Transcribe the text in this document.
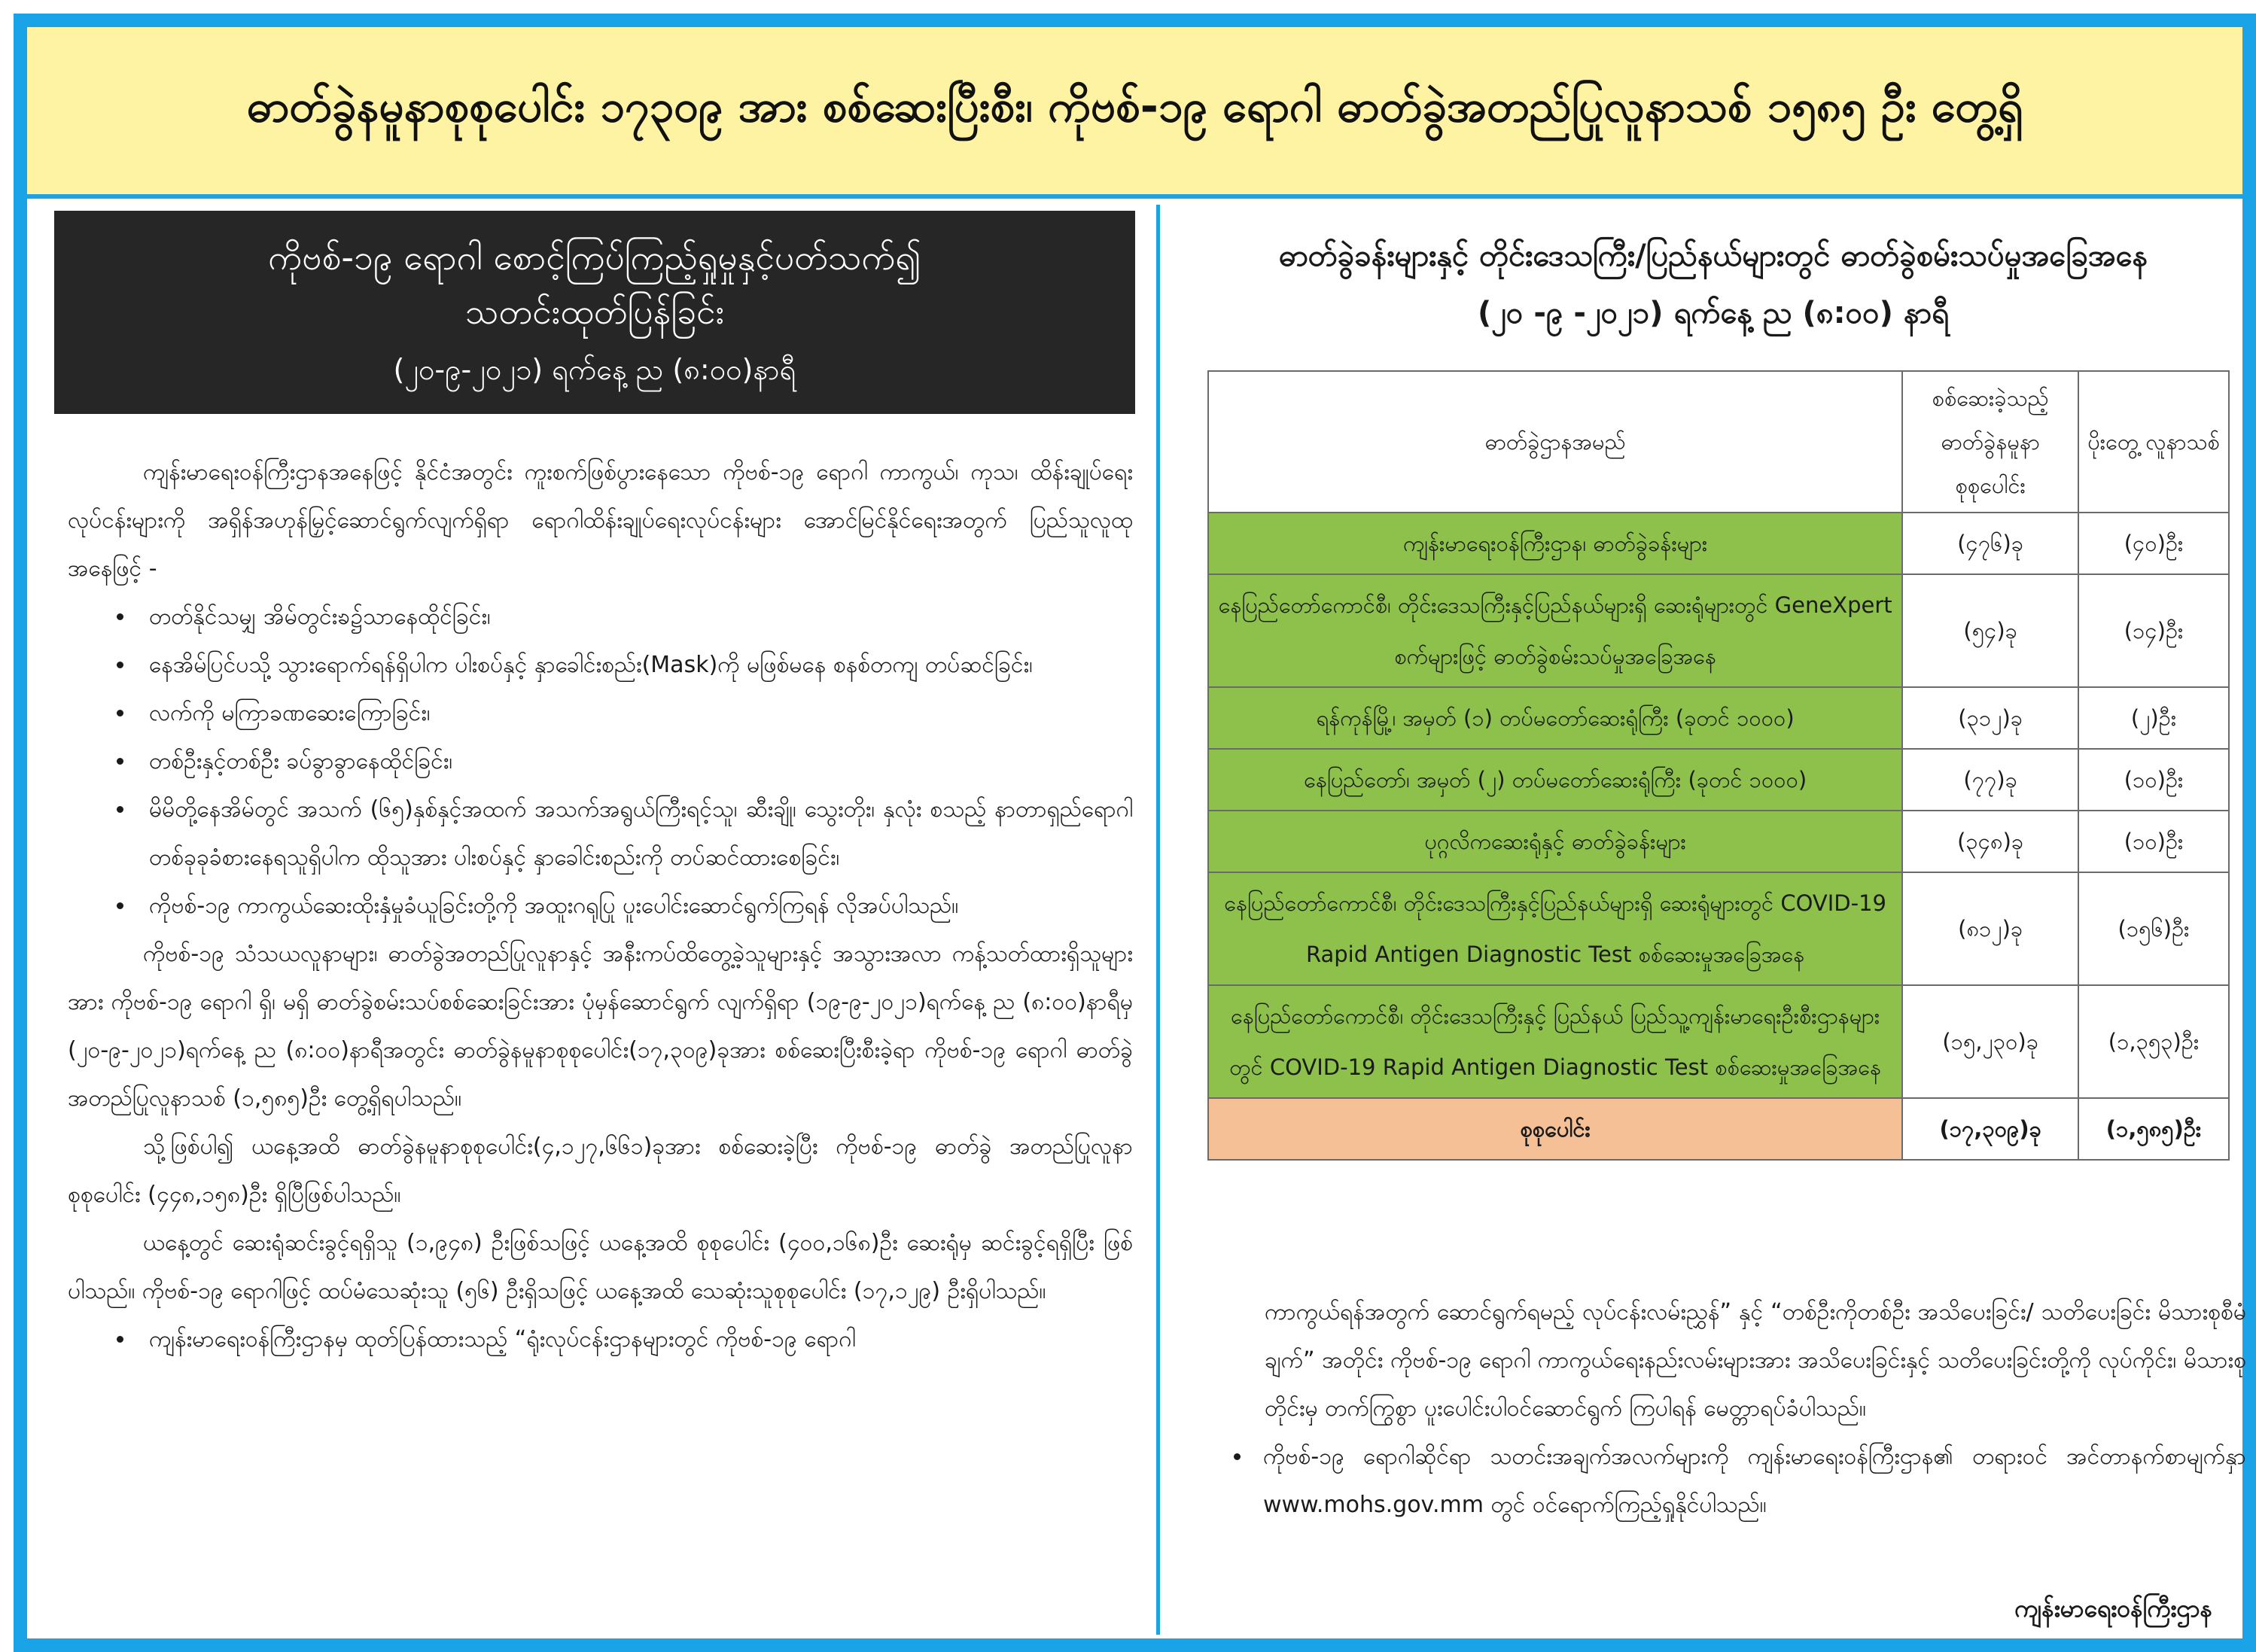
ဓာတ်ခွဲနမူနာစုစုပေါင်း ၁၇၃၀၉ အား စစ်ဆေးပြီးစီး၊ ကိုဗစ်-၁၉ ရောဂါ ဓာတ်ခွဲအတည်ပြုလူနာသစ် ၁၅၈၅ ဦး တွေ့ရှိ
ကိုဗစ်-၁၉ ရောဂါ စောင့်ကြပ်ကြည့်ရှုမှုနှင့်ပတ်သက်၍
သတင်းထုတ်ပြန်ခြင်း
(၂၀-၉-၂၀၂၁) ရက်နေ့ ည (၈:၀၀)နာရီ

ကျန်းမာရေးဝန်ကြီးဌာနအနေဖြင့် နိုင်ငံအတွင်း ကူးစက်ဖြစ်ပွားနေသော ကိုဗစ်-၁၉ ရောဂါ ကာကွယ်၊ ကုသ၊ ထိန်းချုပ်ရေးလုပ်ငန်းများကို အရှိန်အဟုန်မြှင့်ဆောင်ရွက်လျက်ရှိရာ ရောဂါထိန်းချုပ်ရေးလုပ်ငန်းများ အောင်မြင်နိုင်ရေးအတွက် ပြည်သူလူထုအနေဖြင့် -

• တတ်နိုင်သမျှ အိမ်တွင်းၶ၌သာနေထိုင်ခြင်း၊
• နေအိမ်ပြင်ပသို့ သွားရောက်ရန်ရှိပါက ပါးစပ်နှင့် နှာခေါင်းစည်း(Mask)ကို မဖြစ်မနေ စနစ်တကျ တပ်ဆင်ခြင်း၊
• လက်ကို မကြာခဏဆေးကြောခြင်း၊
• တစ်ဦးနှင့်တစ်ဦး ခပ်ခွာခွာနေထိုင်ခြင်း၊
• မိမိတို့နေအိမ်တွင် အသက် (၆၅)နှစ်နှင့်အထက် အသက်အရွယ်ကြီးရင့်သူ၊ ဆီးချို၊ သွေးတိုး၊ နှလုံး စသည့် နာတာရှည်ရောဂါတစ်ခုခုခံစားနေရသူရှိပါက ထိုသူအား ပါးစပ်နှင့် နှာခေါင်းစည်းကို တပ်ဆင်ထားစေခြင်း၊
• ကိုဗစ်-၁၉ ကာကွယ်ဆေးထိုးနှံမှုခံယူခြင်းတို့ကို အထူးဂရုပြု ပူးပေါင်းဆောင်ရွက်ကြရန် လိုအပ်ပါသည်။

ကိုဗစ်-၁၉ သံသယလူနာများ၊ ဓာတ်ခွဲအတည်ပြုလူနာနှင့် အနီးကပ်ထိတွေ့ခဲ့သူများနှင့် အသွားအလာ ကန့်သတ်ထားရှိသူများအား ကိုဗစ်-၁၉ ရောဂါ ရှိ၊ မရှိ ဓာတ်ခွဲစမ်းသပ်စစ်ဆေးခြင်းအား ပုံမှန်ဆောင်ရွက် လျက်ရှိရာ (၁၉-၉-၂၀၂၁)ရက်နေ့ ည (၈:၀၀)နာရီမှ (၂၀-၉-၂၀၂၁)ရက်နေ့ ည (၈:၀၀)နာရီအတွင်း ဓာတ်ခွဲနမူနာစုစုပေါင်း(၁၇,၃၀၉)ခုအား စစ်ဆေးပြီးစီးခဲ့ရာ ကိုဗစ်-၁၉ ရောဂါ ဓာတ်ခွဲအတည်ပြုလူနာသစ် (၁,၅၈၅)ဦး တွေ့ရှိရပါသည်။

သို့ဖြစ်ပါ၍ ယနေ့အထိ ဓာတ်ခွဲနမူနာစုစုပေါင်း(၄,၁၂၇,၆၆၁)ခုအား စစ်ဆေးခဲ့ပြီး ကိုဗစ်-၁၉ ဓာတ်ခွဲ အတည်ပြုလူနာ စုစုပေါင်း (၄၄၈,၁၅၈)ဦး ရှိပြီဖြစ်ပါသည်။

ယနေ့တွင် ဆေးရုံဆင်းခွင့်ရရှိသူ (၁,၉၄၈) ဦးဖြစ်သဖြင့် ယနေ့အထိ စုစုပေါင်း (၄၀၀,၁၆၈)ဦး ဆေးရုံမှ ဆင်းခွင့်ရရှိပြီး ဖြစ်ပါသည်။ ကိုဗစ်-၁၉ ရောဂါဖြင့် ထပ်မံသေဆုံးသူ (၅၆) ဦးရှိသဖြင့် ယနေ့အထိ သေဆုံးသူစုစုပေါင်း (၁၇,၁၂၉) ဦးရှိပါသည်။

• ကျန်းမာရေးဝန်ကြီးဌာနမှ ထုတ်ပြန်ထားသည့် “ရုံးလုပ်ငန်းဌာနများတွင် ကိုဗစ်-၁၉ ရောဂါ
ဓာတ်ခွဲခန်းများနှင့် တိုင်းဒေသကြီး/ပြည်နယ်များတွင် ဓာတ်ခွဲစမ်းသပ်မှုအခြေအနေ
(၂၀ -၉ -၂၀၂၁) ရက်နေ့ ည (၈:၀၀) နာရီ
ဓာတ်ခွဲဌာနအမည်	စစ်ဆေးခဲ့သည့် ဓာတ်ခွဲနမူနာ စုစုပေါင်း	ပိုးတွေ့ လူနာသစ်
ကျန်းမာရေးဝန်ကြီးဌာန၊ ဓာတ်ခွဲခန်းများ	(၄၇၆)ခု	(၄၀)ဦး
နေပြည်တော်ကောင်စီ၊ တိုင်းဒေသကြီးနှင့်ပြည်နယ်များရှိ ဆေးရုံများတွင် GeneXpert စက်များဖြင့် ဓာတ်ခွဲစမ်းသပ်မှုအခြေအနေ	(၅၄)ခု	(၁၄)ဦး
ရန်ကုန်မြို့၊ အမှတ် (၁) တပ်မတော်ဆေးရုံကြီး (ခုတင် ၁၀၀၀)	(၃၁၂)ခု	(၂)ဦး
နေပြည်တော်၊ အမှတ် (၂) တပ်မတော်ဆေးရုံကြီး (ခုတင် ၁၀၀၀)	(၇၇)ခု	(၁၀)ဦး
ပုဂ္ဂလိကဆေးရုံနှင့် ဓာတ်ခွဲခန်းများ	(၃၄၈)ခု	(၁၀)ဦး
နေပြည်တော်ကောင်စီ၊ တိုင်းဒေသကြီးနှင့်ပြည်နယ်များရှိ ဆေးရုံများတွင် COVID-19 Rapid Antigen Diagnostic Test စစ်ဆေးမှုအခြေအနေ	(၈၁၂)ခု	(၁၅၆)ဦး
နေပြည်တော်ကောင်စီ၊ တိုင်းဒေသကြီးနှင့် ပြည်နယ် ပြည်သူ့ကျန်းမာရေးဦးစီးဌာနများတွင် COVID-19 Rapid Antigen Diagnostic Test စစ်ဆေးမှုအခြေအနေ	(၁၅,၂၃၀)ခု	(၁,၃၅၃)ဦး
စုစုပေါင်း	(၁၇,၃၀၉)ခု	(၁,၅၈၅)ဦး

ကာကွယ်ရန်အတွက် ဆောင်ရွက်ရမည့် လုပ်ငန်းလမ်းညွှန်” နှင့် “တစ်ဦးကိုတစ်ဦး အသိပေးခြင်း/ သတိပေးခြင်း မိသားစုစီမံချက်” အတိုင်း ကိုဗစ်-၁၉ ရောဂါ ကာကွယ်ရေးနည်းလမ်းများအား အသိပေးခြင်းနှင့် သတိပေးခြင်းတို့ကို လုပ်ကိုင်း၊ မိသားစုတိုင်းမှ တက်ကြွစွာ ပူးပေါင်းပါဝင်ဆောင်ရွက် ကြပါရန် မေတ္တာရပ်ခံပါသည်။

• ကိုဗစ်-၁၉ ရောဂါဆိုင်ရာ သတင်းအချက်အလက်များကို ကျန်းမာရေးဝန်ကြီးဌာန၏ တရားဝင် အင်တာနက်စာမျက်နှာ www.mohs.gov.mm တွင် ဝင်ရောက်ကြည့်ရှုနိုင်ပါသည်။
ကျန်းမာရေးဝန်ကြီးဌာန
